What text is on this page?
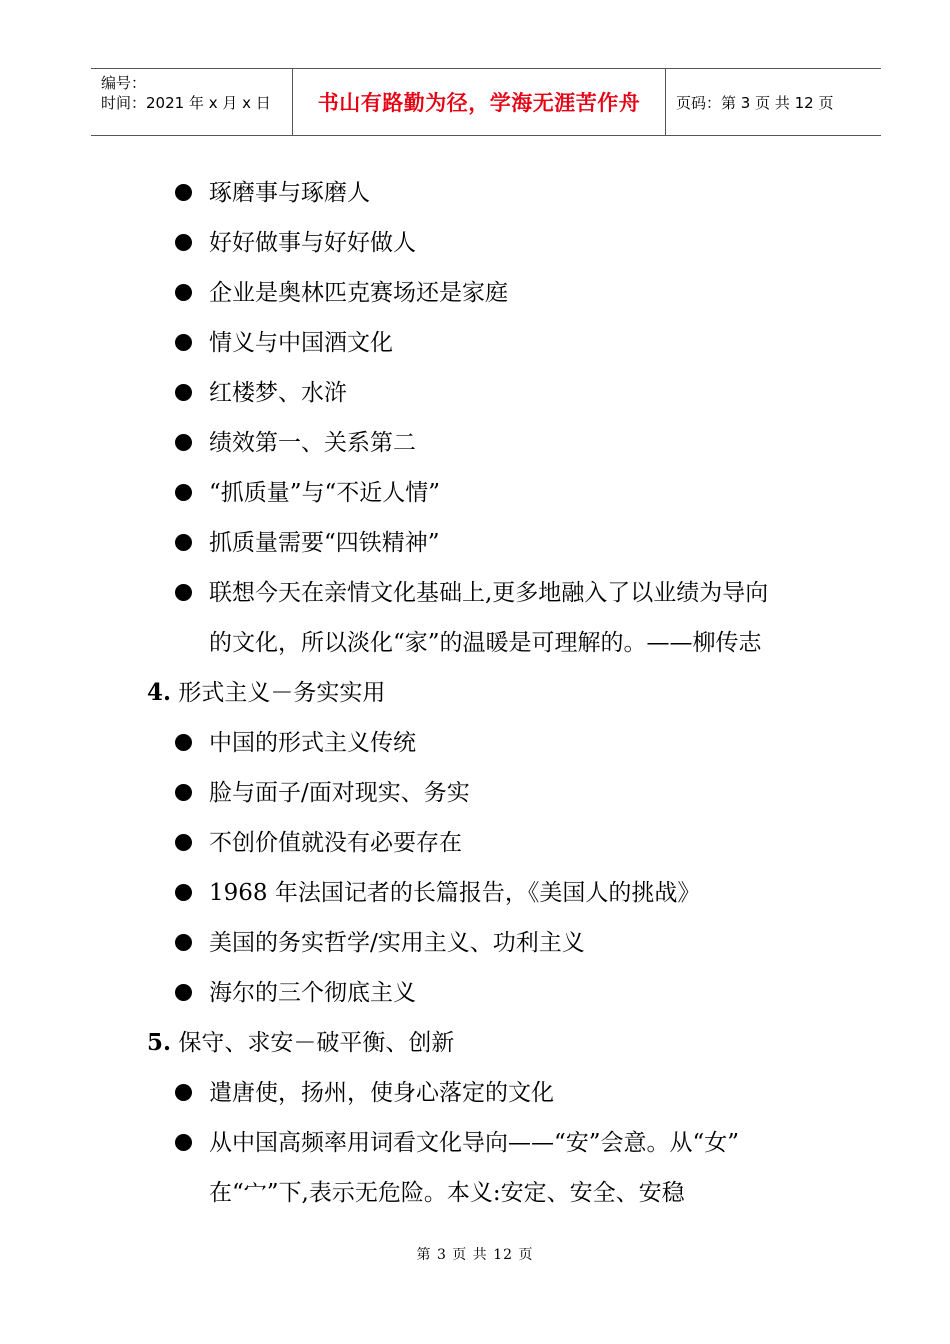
编号：
时间：2021 年 x 月 x 日	书山有路勤为径，学海无涯苦作舟	页码：第 3 页 共 12 页
琢磨事与琢磨人
好好做事与好好做人
企业是奥林匹克赛场还是家庭
情义与中国酒文化
红楼梦、水浒
绩效第一、关系第二
“抓质量”与“不近人情”
抓质量需要“四铁精神”
联想今天在亲情文化基础上,更多地融入了以业绩为导向
的文化，所以淡化“家”的温暖是可理解的。——柳传志
4. 形式主义－务实实用
中国的形式主义传统
脸与面子/面对现实、务实
不创价值就没有必要存在
1968 年法国记者的长篇报告，《美国人的挑战》
美国的务实哲学/实用主义、功利主义
海尔的三个彻底主义
5. 保守、求安－破平衡、创新
遣唐使，扬州，使身心落定的文化
从中国高频率用词看文化导向——“安”会意。从“女”
在“宀”下,表示无危险。本义:安定、安全、安稳
第 3 页 共 12 页
